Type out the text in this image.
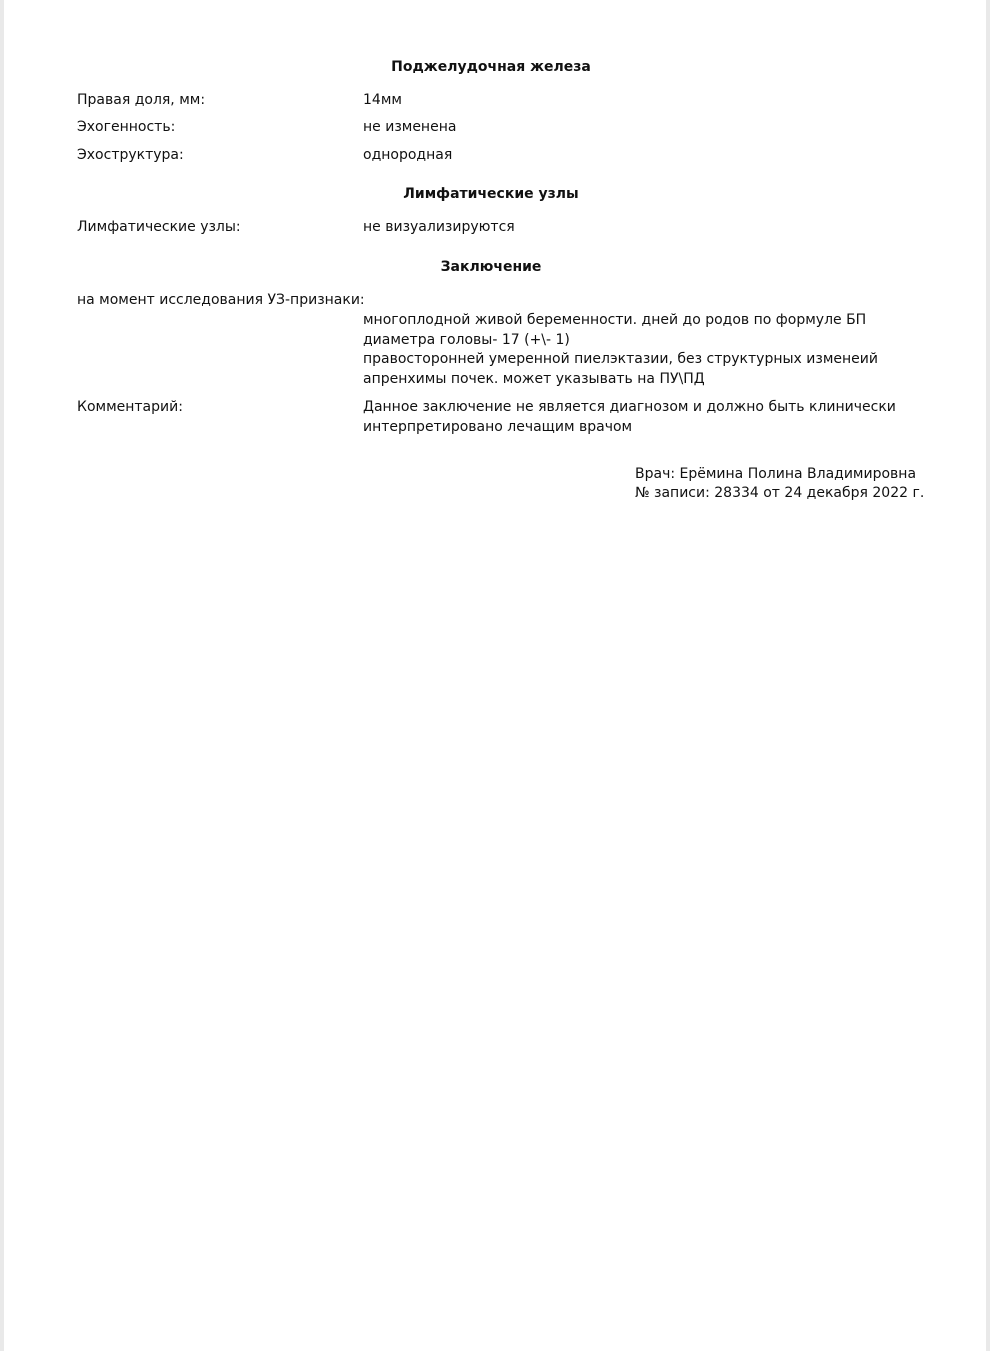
Поджелудочная железа
Правая доля, мм:	14мм
Эхогенность:	не изменена
Эхоструктура:	однородная
Лимфатические узлы
Лимфатические узлы:	не визуализируются
Заключение
на момент исследования УЗ-признаки:
многоплодной живой беременности. дней до родов по формуле БП
диаметра головы- 17 (+\- 1)
правосторонней умеренной пиелэктазии, без структурных изменеий
апренхимы почек. может указывать на ПУ\ПД
Комментарий:	Данное заключение не является диагнозом и должно быть клинически
интерпретировано лечащим врачом
Врач: Ерёмина Полина Владимировна
№ записи: 28334 от 24 декабря 2022 г.
